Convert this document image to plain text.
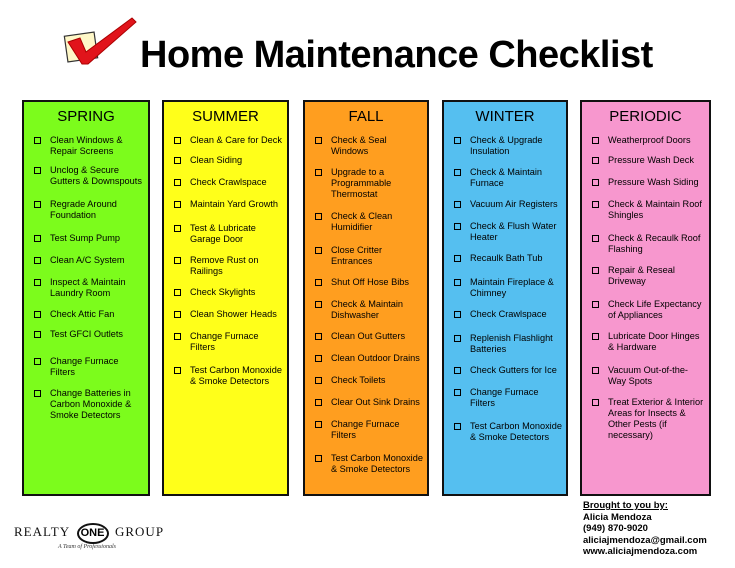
Home Maintenance Checklist
SPRING
Clean Windows & Repair Screens
Unclog & Secure Gutters & Downspouts
Regrade Around Foundation
Test Sump Pump
Clean A/C System
Inspect & Maintain Laundry Room
Check Attic Fan
Test GFCI Outlets
Change Furnace Filters
Change Batteries in Carbon Monoxide & Smoke Detectors
SUMMER
Clean & Care for Deck
Clean Siding
Check Crawlspace
Maintain Yard Growth
Test & Lubricate Garage Door
Remove Rust on Railings
Check Skylights
Clean Shower Heads
Change Furnace Filters
Test Carbon Monoxide & Smoke Detectors
FALL
Check & Seal Windows
Upgrade to a Programmable Thermostat
Check & Clean Humidifier
Close Critter Entrances
Shut Off Hose Bibs
Check & Maintain Dishwasher
Clean Out Gutters
Clean Outdoor Drains
Check Toilets
Clear Out Sink Drains
Change Furnace Filters
Test Carbon Monoxide & Smoke Detectors
WINTER
Check & Upgrade Insulation
Check & Maintain Furnace
Vacuum Air Registers
Check & Flush Water Heater
Recaulk Bath Tub
Maintain Fireplace & Chimney
Check Crawlspace
Replenish Flashlight Batteries
Check Gutters for Ice
Change Furnace Filters
Test Carbon Monoxide & Smoke Detectors
PERIODIC
Weatherproof Doors
Pressure Wash Deck
Pressure Wash Siding
Check & Maintain Roof Shingles
Check & Recaulk Roof Flashing
Repair & Reseal Driveway
Check Life Expectancy of Appliances
Lubricate Door Hinges & Hardware
Vacuum Out-of-the-Way Spots
Treat Exterior & Interior Areas for Insects & Other Pests (if necessary)
REALTY ONE GROUP
A Team of Professionals
Brought to you by:
Alicia Mendoza
(949) 870-9020
aliciajmendoza@gmail.com
www.aliciajmendoza.com
